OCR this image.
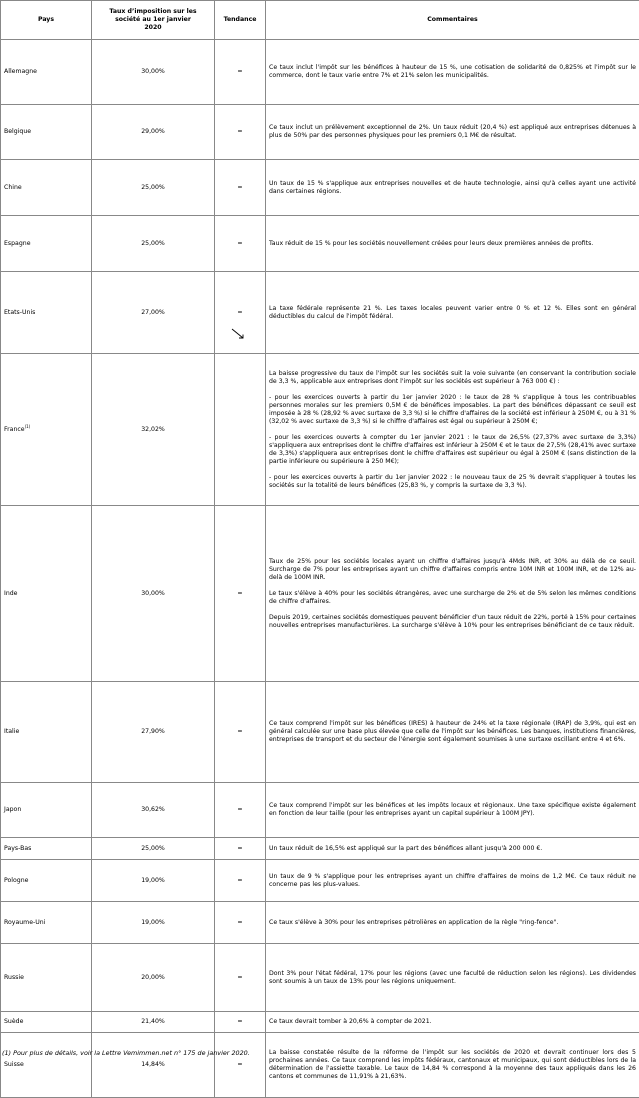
Pays	Taux d’imposition sur les société au 1er janvier 2020	Tendance	Commentaires
Allemagne	30,00%	=	Ce taux inclut l'impôt sur les bénéfices à hauteur de 15 %, une cotisation de solidarité de 0,825% et l'impôt sur le commerce, dont le taux varie entre 7% et 21% selon les municipalités.

Belgique	29,00%	=	Ce taux inclut un prélèvement exceptionnel de 2%. Un taux réduit (20,4 %) est appliqué aux entreprises détenues à plus de 50% par des personnes physiques pour les premiers 0,1 M€ de résultat.

Chine	25,00%	=	Un taux de 15 % s'applique aux entreprises nouvelles et de haute technologie, ainsi qu'à celles ayant une activité dans certaines régions.

Espagne	25,00%	=	Taux réduit de 15 % pour les sociétés nouvellement créées pour leurs deux premières années de profits.

Etats-Unis	27,00%	=	La taxe fédérale représente 21 %. Les taxes locales peuvent varier entre 0 % et 12 %. Elles sont en général déductibles du calcul de l'impôt fédéral.

France$^{(1)}$	32,02%		La baisse progressive du taux de l'impôt sur les sociétés suit la voie suivante (en conservant la contribution sociale de 3,3 %, applicable aux entreprises dont l'impôt sur les sociétés est supérieur à 763 000 €) :
- pour les exercices ouverts à partir du 1er janvier 2020 : le taux de 28 % s'applique à tous les contribuables personnes morales sur les premiers 0,5M € de bénéfices imposables. La part des bénéfices dépassant ce seuil est imposée à 28 % (28,92 % avec surtaxe de 3,3 %) si le chiffre d'affaires de la société est inférieur à 250M €, ou à 31 % (32,02 % avec surtaxe de 3,3 %) si le chiffre d'affaires est égal ou supérieur à 250M €;
- pour les exercices ouverts à compter du 1er janvier 2021 : le taux de 26,5% (27,37% avec surtaxe de 3,3%) s'appliquera aux entreprises dont le chiffre d'affaires est inférieur à 250M € et le taux de 27,5% (28,41% avec surtaxe de 3,3%) s'appliquera aux entreprises dont le chiffre d'affaires est supérieur ou égal à 250M € (sans distinction de la partie inférieure ou supérieure à 250 M€);
- pour les exercices ouverts à partir du 1er janvier 2022 : le nouveau taux de 25 % devrait s'appliquer à toutes les sociétés sur la totalité de leurs bénéfices (25,83 %, y compris la surtaxe de 3,3 %).

Inde	30,00%	=	Taux de 25% pour les sociétés locales ayant un chiffre d'affaires jusqu'à 4Mds INR, et 30% au délà de ce seuil. Surcharge de 7% pour les entreprises ayant un chiffre d'affaires compris entre 10M INR et 100M INR, et de 12% au-delà de 100M INR.
Le taux s'élève à 40% pour les sociétés étrangères, avec une surcharge de 2% et de 5% selon les mêmes conditions de chiffre d'affaires.
Depuis 2019, certaines sociétés domestiques peuvent bénéficier d'un taux réduit de 22%, porté à 15% pour certaines nouvelles entreprises manufacturières. La surcharge s'élève à 10% pour les entreprises bénéficiant de ce taux réduit.

Italie	27,90%	=	Ce taux comprend l'impôt sur les bénéfices (IRES) à hauteur de 24% et la taxe régionale (IRAP) de 3,9%, qui est en général calculée sur une base plus élevée que celle de l'impôt sur les bénéfices. Les banques, institutions financières, entreprises de transport et du secteur de l'énergie sont également soumises à une surtaxe oscillant entre 4 et 6%.

Japon	30,62%	=	Ce taux comprend l'impôt sur les bénéfices et les impôts locaux et régionaux. Une taxe spécifique existe également en fonction de leur taille (pour les entreprises ayant un capital supérieur à 100M JPY).

Pays-Bas	25,00%	=	Un taux réduit de 16,5% est appliqué sur la part des bénéfices allant jusqu'à 200 000 €.

Pologne	19,00%	=	Un taux de 9 % s'applique pour les entreprises ayant un chiffre d'affaires de moins de 1,2 M€. Ce taux réduit ne concerne pas les plus-values.

Royaume-Uni	19,00%	=	Ce taux s'élève à 30% pour les entreprises pétrolières en application de la règle "ring-fence".

Russie	20,00%	=	Dont 3% pour l'état fédéral, 17% pour les régions (avec une faculté de réduction selon les régions). Les dividendes sont soumis à un taux de 13% pour les régions uniquement.

Suède	21,40%	=	Ce taux devrait tomber à 20,6% à compter de 2021.

Suisse	14,84%	=	La baisse constatée résulte de la réforme de l'impôt sur les sociétés de 2020 et devrait continuer lors des 5 prochaines années. Ce taux comprend les impôts fédéraux, cantonaux et municipaux, qui sont déductibles lors de la détermination de l'assiette taxable. Le taux de 14,84 % correspond à la moyenne des taux appliqués dans les 26 cantons et communes de 11,91% à 21,63%.
(1) Pour plus de détails, voir la Lettre Vemimmen.net n° 175 de janvier 2020.
